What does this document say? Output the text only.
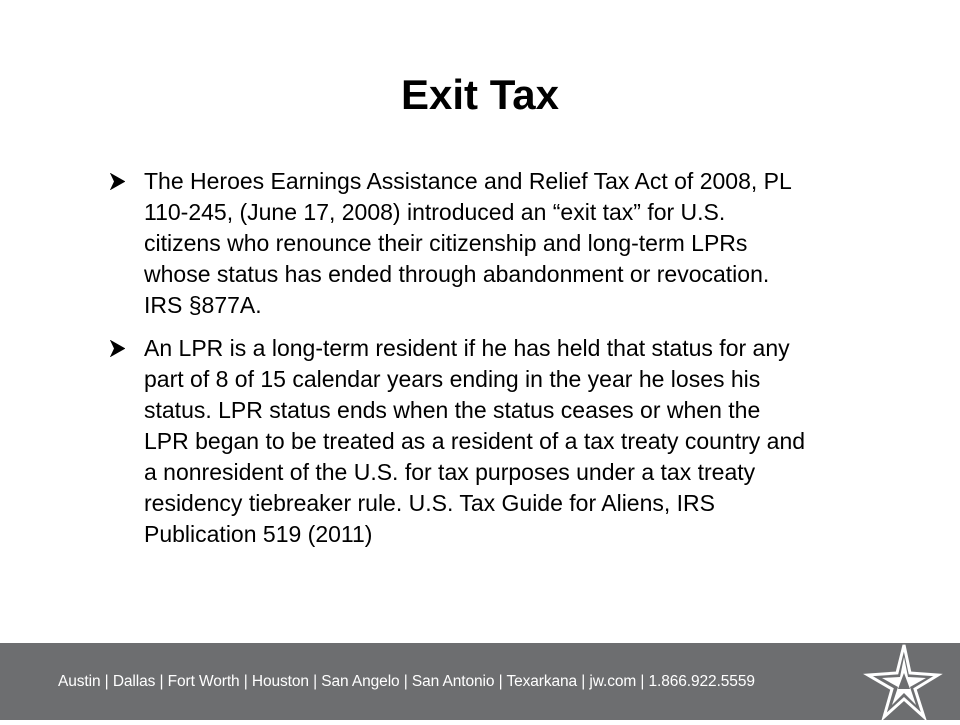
Exit Tax
The Heroes Earnings Assistance and Relief Tax Act of 2008, PL 110-245, (June 17, 2008) introduced an “exit tax” for U.S. citizens who renounce their citizenship and long-term LPRs whose status has ended through abandonment or revocation. IRS §877A.
An LPR is a long-term resident if he has held that status for any part of 8 of 15 calendar years ending in the year he loses his status. LPR status ends when the status ceases or when the LPR began to be treated as a resident of a tax treaty country and a nonresident of the U.S. for tax purposes under a tax treaty residency tiebreaker rule. U.S. Tax Guide for Aliens, IRS Publication 519 (2011)
Austin | Dallas | Fort Worth | Houston | San Angelo | San Antonio | Texarkana | jw.com | 1.866.922.5559
